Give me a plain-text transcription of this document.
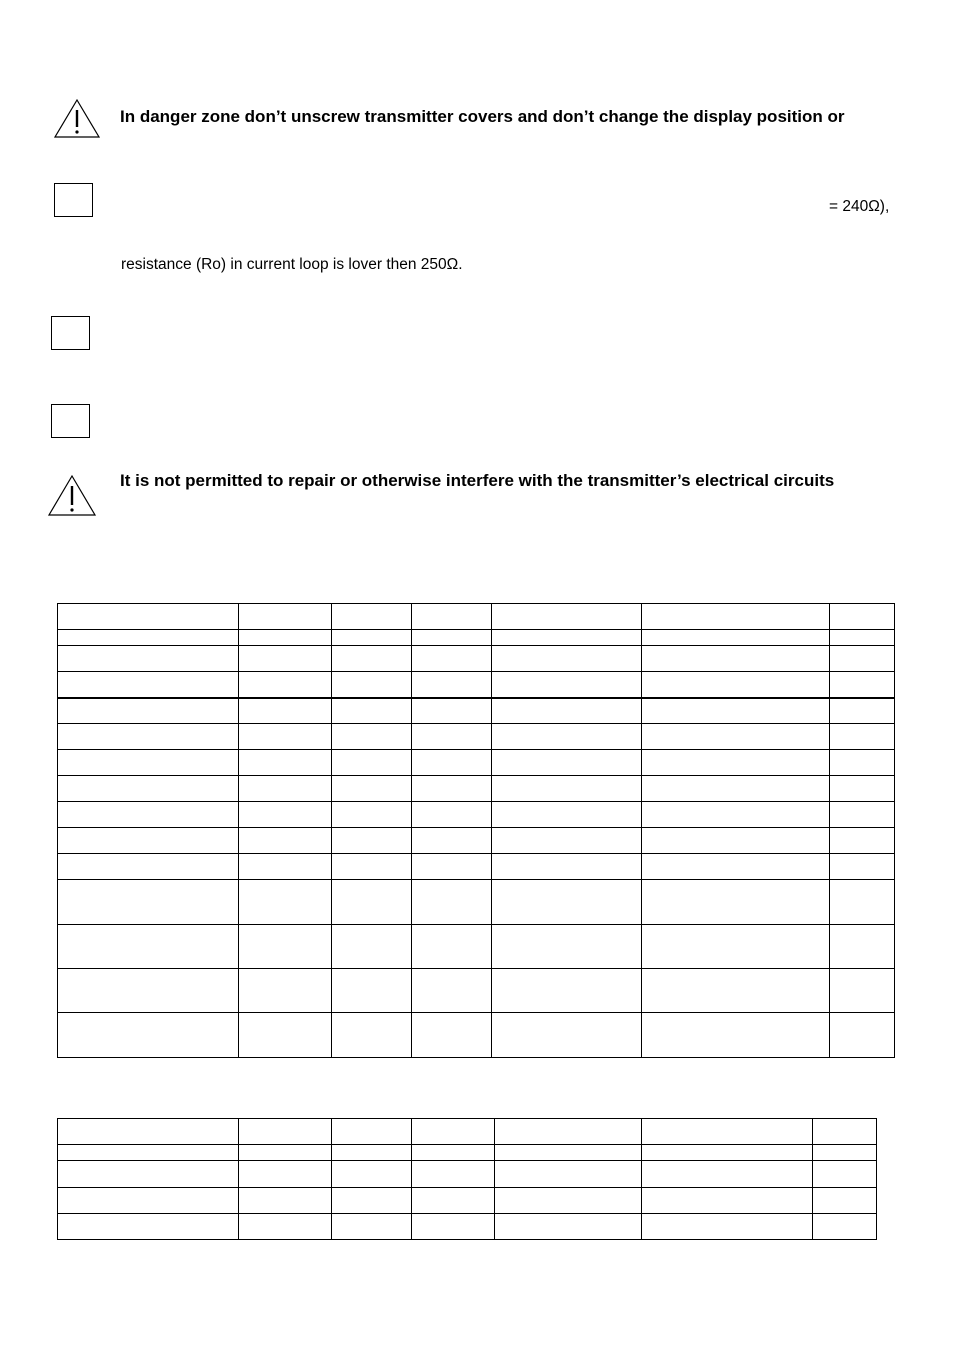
In danger zone don’t unscrew transmitter covers and don’t change the display position or
= 240Ω),
resistance (Ro) in current loop is lover then 250Ω.
It is not permitted to repair or otherwise interfere with the transmitter’s electrical circuits
